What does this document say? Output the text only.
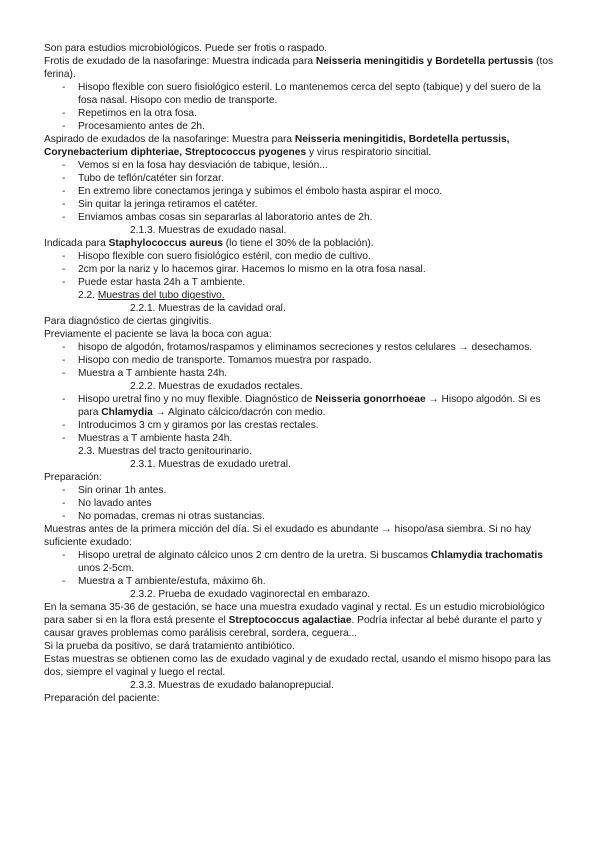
Son para estudios microbiológicos. Puede ser frotis o raspado.

Frotis de exudado de la nasofaringe: Muestra indicada para Neisseria meningitidis y Bordetella pertussis (tos ferina).

- Hisopo flexible con suero fisiológico esteril. Lo mantenemos cerca del septo (tabique) y del suero de la fosa nasal. Hisopo con medio de transporte.

- Repetimos en la otra fosa.

- Procesamiento antes de 2h.

Aspirado de exudados de la nasofaringe: Muestra para Neisseria meningitidis, Bordetella pertussis, Corynebacterium diphteriae, Streptococcus pyogenes y virus respiratorio sincitial.

- Vemos si en la fosa hay desviación de tabique, lesión...

- Tubo de teflón/catéter sin forzar.

- En extremo libre conectamos jeringa y subimos el émbolo hasta aspirar el moco.

- Sin quitar la jeringa retiramos el catéter.

- Enviamos ambas cosas sin separarlas al laboratorio antes de 2h.

2.1.3. Muestras de exudado nasal.

Indicada para Staphylococcus aureus (lo tiene el 30% de la población).

- Hisopo flexible con suero fisiológico estéril, con medio de cultivo.

- 2cm por la nariz y lo hacemos girar. Hacemos lo mismo en la otra fosa nasal.

- Puede estar hasta 24h a T ambiente.

2.2. Muestras del tubo digestivo.

2.2.1. Muestras de la cavidad oral.

Para diagnóstico de ciertas gingivitis.

Previamente el paciente se lava la boca con agua:

- hisopo de algodón, frotamos/raspamos y eliminamos secreciones y restos celulares → desechamos.

- Hisopo con medio de transporte. Tomamos muestra por raspado.

- Muestra a T ambiente hasta 24h.

2.2.2. Muestras de exudados rectales.

- Hisopo uretral fino y no muy flexible. Diagnóstico de Neisseria gonorrhoeae → Hisopo algodón. Si es para Chlamydia → Alginato cálcico/dacrón con medio.

- Introducimos 3 cm y giramos por las crestas rectales.

- Muestras a T ambiente hasta 24h.

2.3. Muestras del tracto genitourinario.

2.3.1. Muestras de exudado uretral.

Preparación:

- Sin orinar 1h antes.

- No lavado antes

- No pomadas, cremas ni otras sustancias.

Muestras antes de la primera micción del día. Si el exudado es abundante → hisopo/asa siembra. Si no hay suficiente exudado:

- Hisopo uretral de alginato cálcico unos 2 cm dentro de la uretra. Si buscamos Chlamydia trachomatis unos 2-5cm.

- Muestra a T ambiente/estufa, máximo 6h.

2.3.2. Prueba de exudado vaginorectal en embarazo.

En la semana 35-36 de gestación, se hace una muestra exudado vaginal y rectal. Es un estudio microbiológico para saber si en la flora está presente el Streptococcus agalactiae. Podría infectar al bebé durante el parto y causar graves problemas como parálisis cerebral, sordera, ceguera...

Si la prueba da positivo, se dará tratamiento antibiótico.

Estas muestras se obtienen como las de exudado vaginal y de exudado rectal, usando el mismo hisopo para las dos, siempre el vaginal y luego el rectal.

2.3.3. Muestras de exudado balanoprepucial.

Preparación del paciente:
